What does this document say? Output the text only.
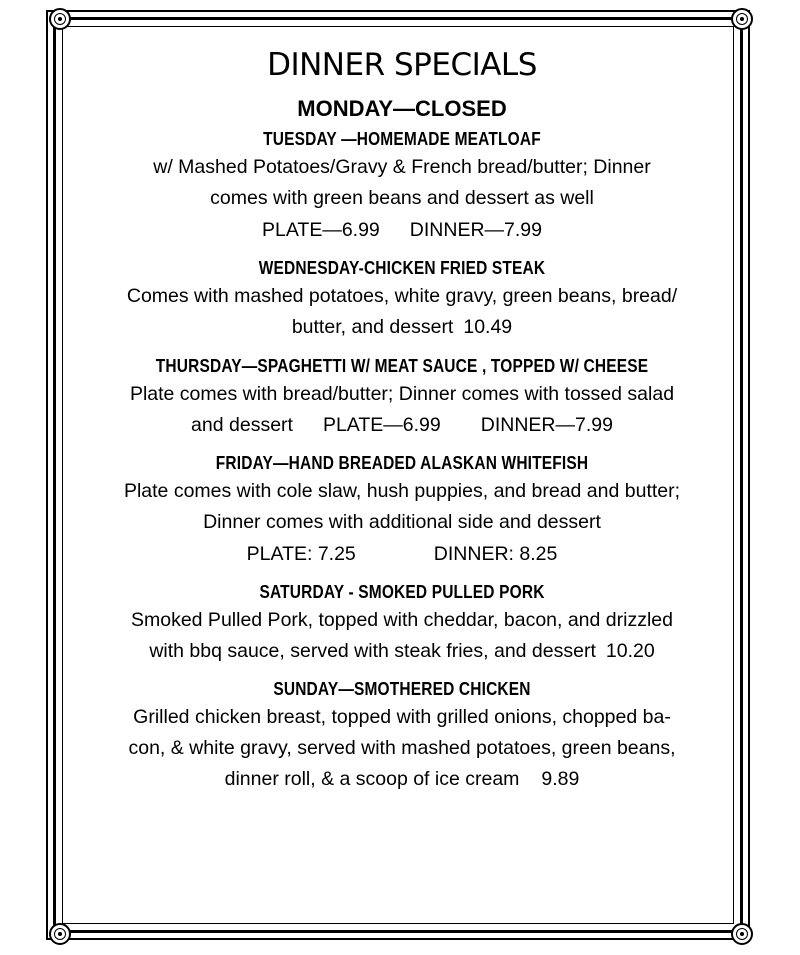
DINNER SPECIALS
MONDAY—CLOSED
TUESDAY —HOMEMADE MEATLOAF
w/ Mashed Potatoes/Gravy & French bread/butter; Dinner
comes with green beans and dessert as well
PLATE—6.99 DINNER—7.99
WEDNESDAY-CHICKEN FRIED STEAK
Comes with mashed potatoes, white gravy, green beans, bread/
butter, and dessert 10.49
THURSDAY—SPAGHETTI W/ MEAT SAUCE , TOPPED W/ CHEESE
Plate comes with bread/butter; Dinner comes with tossed salad
and dessert PLATE—6.99 DINNER—7.99
FRIDAY—HAND BREADED ALASKAN WHITEFISH
Plate comes with cole slaw, hush puppies, and bread and butter;
Dinner comes with additional side and dessert
PLATE: 7.25	DINNER: 8.25
SATURDAY - SMOKED PULLED PORK
Smoked Pulled Pork, topped with cheddar, bacon, and drizzled
with bbq sauce, served with steak fries, and dessert 10.20
SUNDAY—SMOTHERED CHICKEN
Grilled chicken breast, topped with grilled onions, chopped ba-
con, & white gravy, served with mashed potatoes, green beans,
dinner roll, & a scoop of ice cream 9.89
